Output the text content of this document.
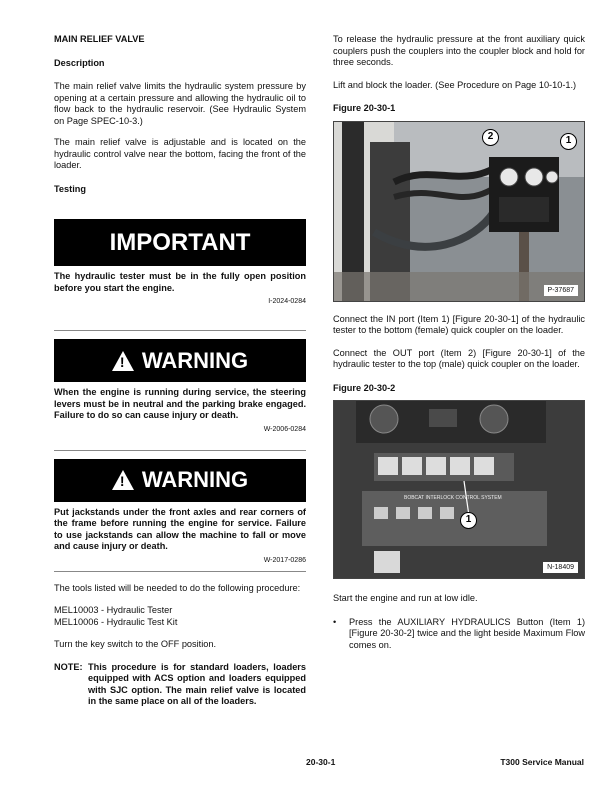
MAIN RELIEF VALVE
Description

The main relief valve limits the hydraulic system pressure by opening at a certain pressure and allowing the hydraulic oil to flow back to the hydraulic reservoir. (See Hydraulic System on Page SPEC-10-3.)

The main relief valve is adjustable and is located on the hydraulic control valve near the bottom, facing the front of the loader.

Testing
IMPORTANT
The hydraulic tester must be in the fully open position before you start the engine.
I-2024-0284
! WARNING
When the engine is running during service, the steering levers must be in neutral and the parking brake engaged. Failure to do so can cause injury or death.
W-2006-0284
! WARNING
Put jackstands under the front axles and rear corners of the frame before running the engine for service. Failure to use jackstands can allow the machine to fall or move and cause injury or death.
W-2017-0286

The tools listed will be needed to do the following procedure:

MEL10003 - Hydraulic Tester
MEL10006 - Hydraulic Test Kit

Turn the key switch to the OFF position.

NOTE: This procedure is for standard loaders, loaders equipped with ACS option and loaders equipped with SJC option. The main relief valve is located in the same place on all of the loaders.

To release the hydraulic pressure at the front auxiliary quick couplers push the couplers into the coupler block and hold for three seconds.

Lift and block the loader. (See Procedure on Page 10-10-1.)

Figure 20-30-1
2	1
P-37687

Connect the IN port (Item 1) [Figure 20-30-1] of the hydraulic tester to the bottom (female) quick coupler on the loader.

Connect the OUT port (Item 2) [Figure 20-30-1] of the hydraulic tester to the top (male) quick coupler on the loader.

Figure 20-30-2
BOBCAT INTERLOCK CONTROL SYSTEM
1
N-18409

Start the engine and run at low idle.

•	Press the AUXILIARY HYDRAULICS Button (Item 1) [Figure 20-30-2] twice and the light beside Maximum Flow comes on.

20-30-1	T300 Service Manual
